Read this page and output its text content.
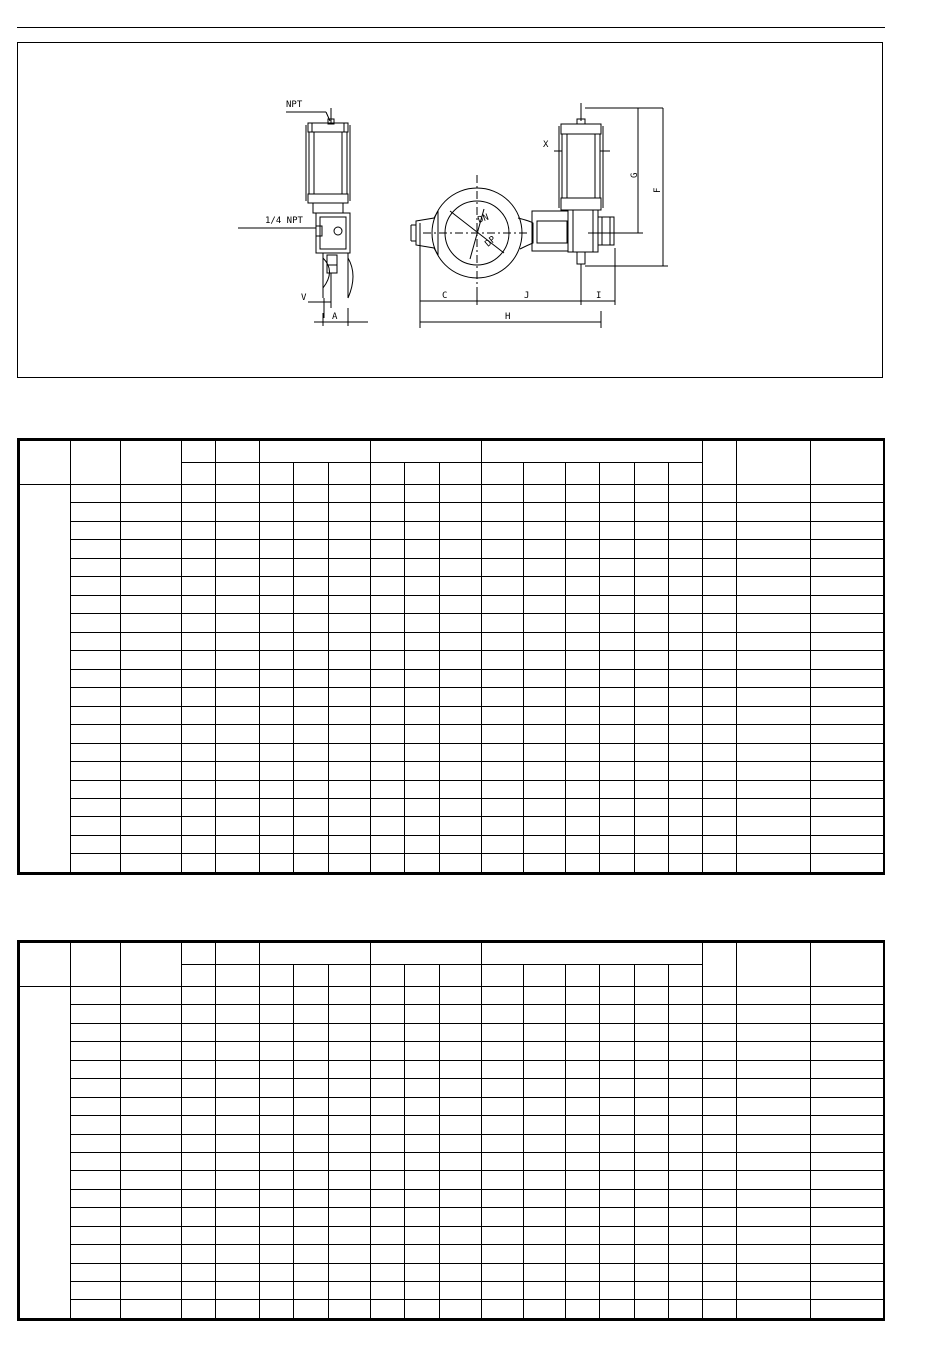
NPT
1/4 NPT
V
A
X
G
F
DN
DP
C	J	I
H
